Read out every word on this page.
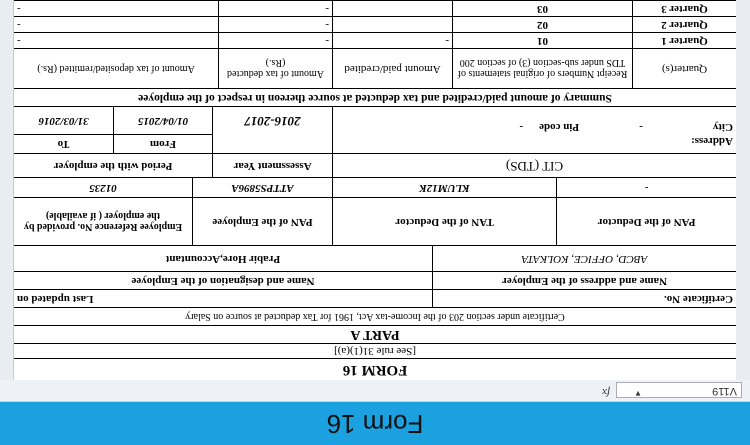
Form 16
V119
▼
fx
FORM 16
[See rule 31(1)(a)]
PART A
Certificate under section 203 of the Income-tax Act, 1961 for Tax deducted at source on Salary
Certificate No.
Last updated on
Name and address of the Employer
Name and designation of the Employee
ABCD, OFFICE, KOLKATA
Prabir Hore,Accountant
PAN of the Deductor
TAN of the Deductor
PAN of the Employee
Employee Reference No. provided by the employer ( if available)
-
KLUM12K
ATTPS5896A
01235
CIT (TDS)
Assessment Year
Period with the employer
Address:
From
To
City
-
Pin code
-
2016-2017
01/04/2015
31/03/2016
Summary of amount paid/credited and tax deducted at source thereon in respect of the employee
Quarter(s)
Receipt Numbers of original statements of TDS under sub-section (3) of section 200
Amount paid/credited
Amount of tax deducted (Rs.)
Amount of tax deposited/remitted (Rs.)
Quarter 1
01
-
-
-
Quarter 2
02
-
-
Quarter 3
03
-
-
